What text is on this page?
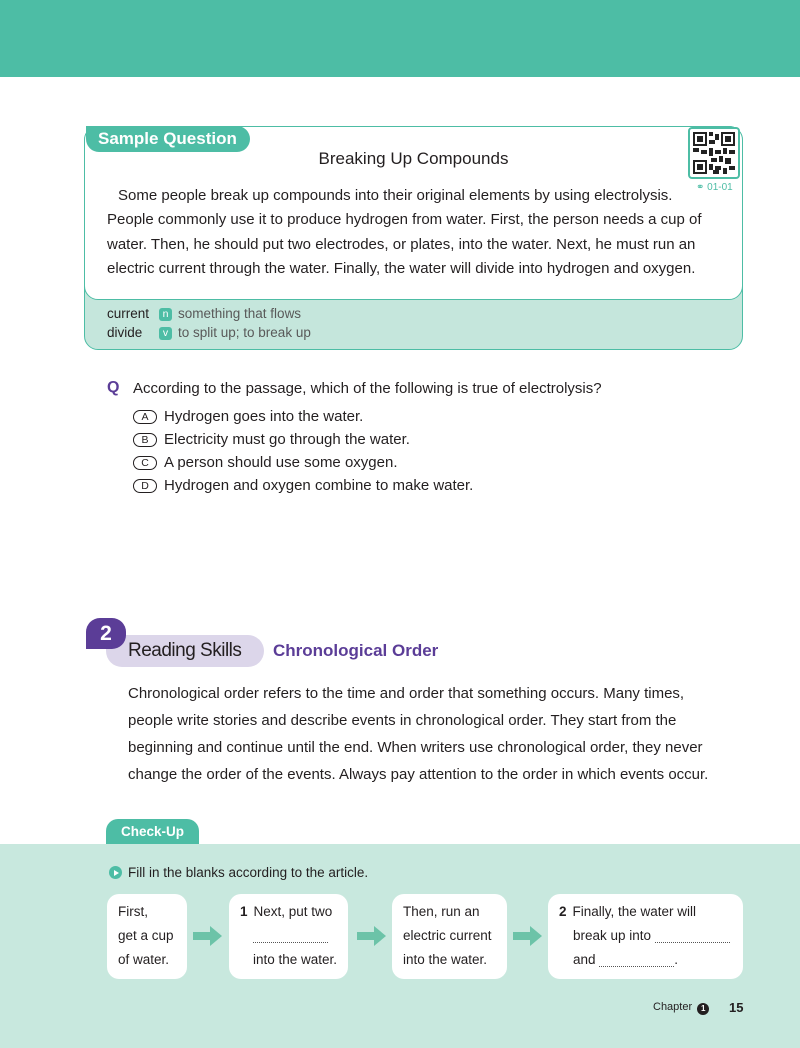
Sample Question
Breaking Up Compounds
⚭ 01-01
Some people break up compounds into their original elements by using electrolysis.
People commonly use it to produce hydrogen from water. First, the person needs a cup of
water. Then, he should put two electrodes, or plates, into the water. Next, he must run an
electric current through the water. Finally, the water will divide into hydrogen and oxygen.
current n something that flows
divide v to split up; to break up
Q According to the passage, which of the following is true of electrolysis?
A Hydrogen goes into the water.
B Electricity must go through the water.
C A person should use some oxygen.
D Hydrogen and oxygen combine to make water.
Reading Skills
2
Chronological Order
Chronological order refers to the time and order that something occurs. Many times,
people write stories and describe events in chronological order. They start from the
beginning and continue until the end. When writers use chronological order, they never
change the order of the events. Always pay attention to the order in which events occur.
Check-Up
Fill in the blanks according to the article.
First,
get a cup
of water.
1 Next, put two
into the water.
Then, run an
electric current
into the water.
2 Finally, the water will
break up into
and	.
Chapter 1 15
